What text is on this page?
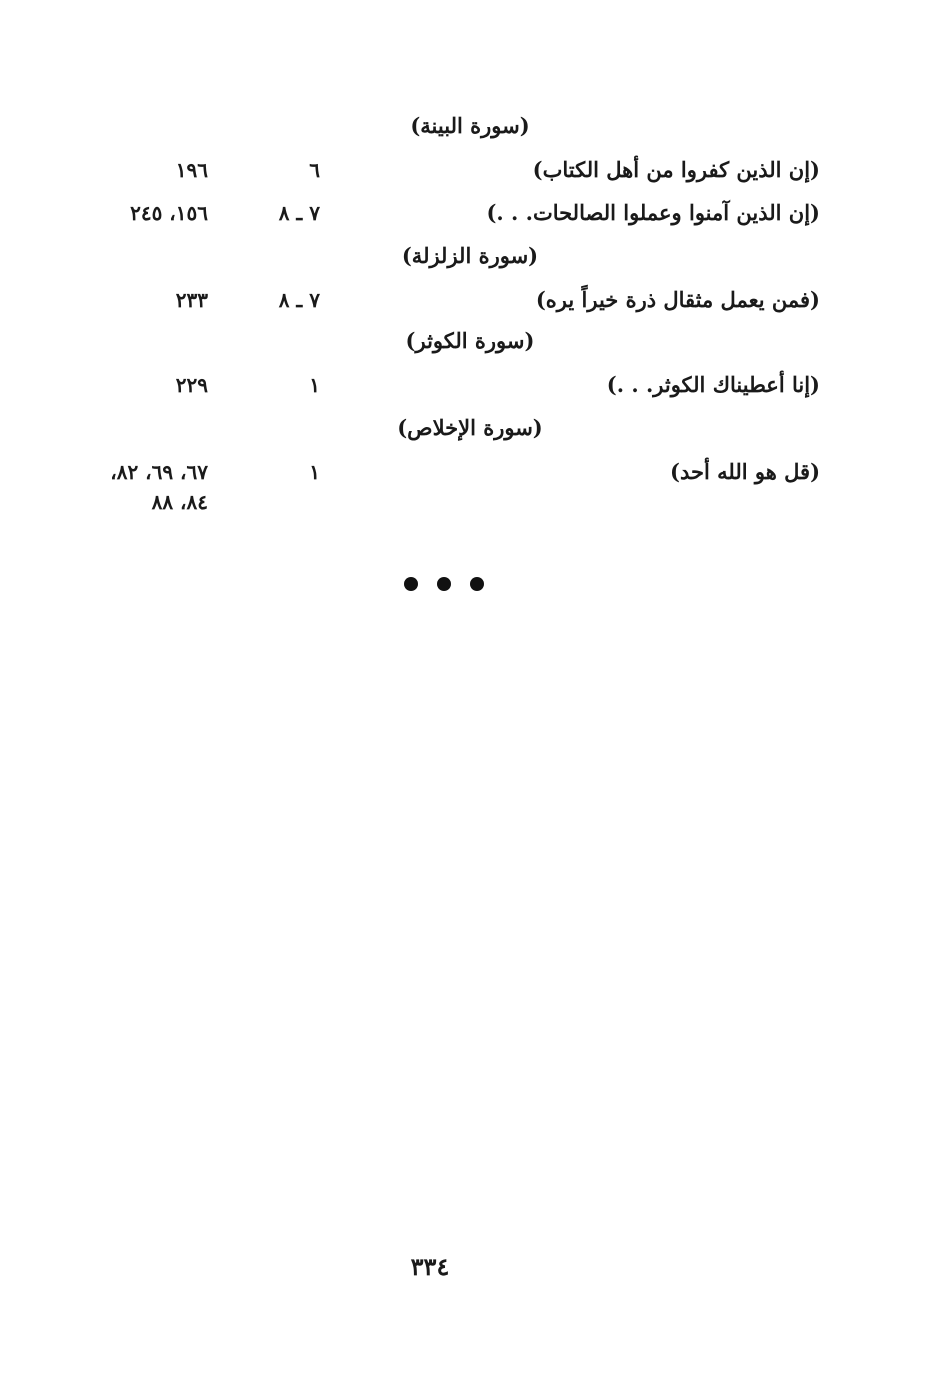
(سورة البينة)
(إن الذين كفروا من أهل الكتاب)
٦
١٩٦
(إن الذين آمنوا وعملوا الصالحات. . .)
٧ ـ ٨
١٥٦، ٢٤٥
(سورة الزلزلة)
(فمن يعمل مثقال ذرة خيراً يره)
٧ ـ ٨
٢٣٣
(سورة الكوثر)
(إنا أعطيناك الكوثر. . .)
١
٢٢٩
(سورة الإخلاص)
(قل هو الله أحد)
١
٦٧، ٦٩، ٨٢،
٨٤، ٨٨
٣٣٤
